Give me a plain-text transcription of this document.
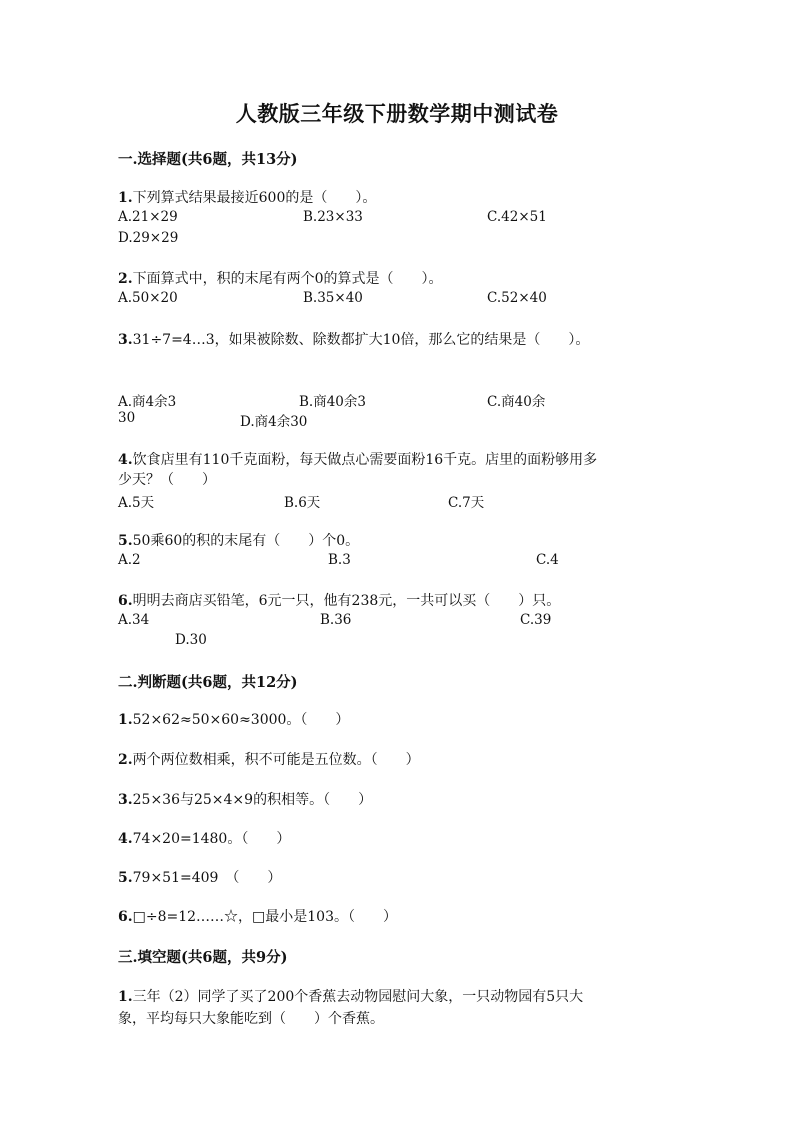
人教版三年级下册数学期中测试卷
一.选择题(共6题，共13分)
1.下列算式结果最接近600的是（　　）。
A.21×29	B.23×33	C.42×51
D.29×29
2.下面算式中，积的末尾有两个0的算式是（　　）。
A.50×20	B.35×40	C.52×40
3.31÷7=4…3，如果被除数、除数都扩大10倍，那么它的结果是（　　）。
A.商4余3	B.商40余3	C.商40余
30	D.商4余30
4.饮食店里有110千克面粉，每天做点心需要面粉16千克。店里的面粉够用多
少天？（　　）
A.5天	B.6天	C.7天
5.50乘60的积的末尾有（　　）个0。
A.2	B.3	C.4
6.明明去商店买铅笔，6元一只，他有238元，一共可以买（　　）只。
A.34	B.36	C.39
D.30
二.判断题(共6题，共12分)
1.52×62≈50×60≈3000。（　　）
2.两个两位数相乘，积不可能是五位数。（　　）
3.25×36与25×4×9的积相等。（　　）
4.74×20=1480。（　　）
5.79×51=409　（　　）
6.□÷8=12……☆，□最小是103。（　　）
三.填空题(共6题，共9分)
1.三年（2）同学了买了200个香蕉去动物园慰问大象，一只动物园有5只大
象，平均每只大象能吃到（　　）个香蕉。
